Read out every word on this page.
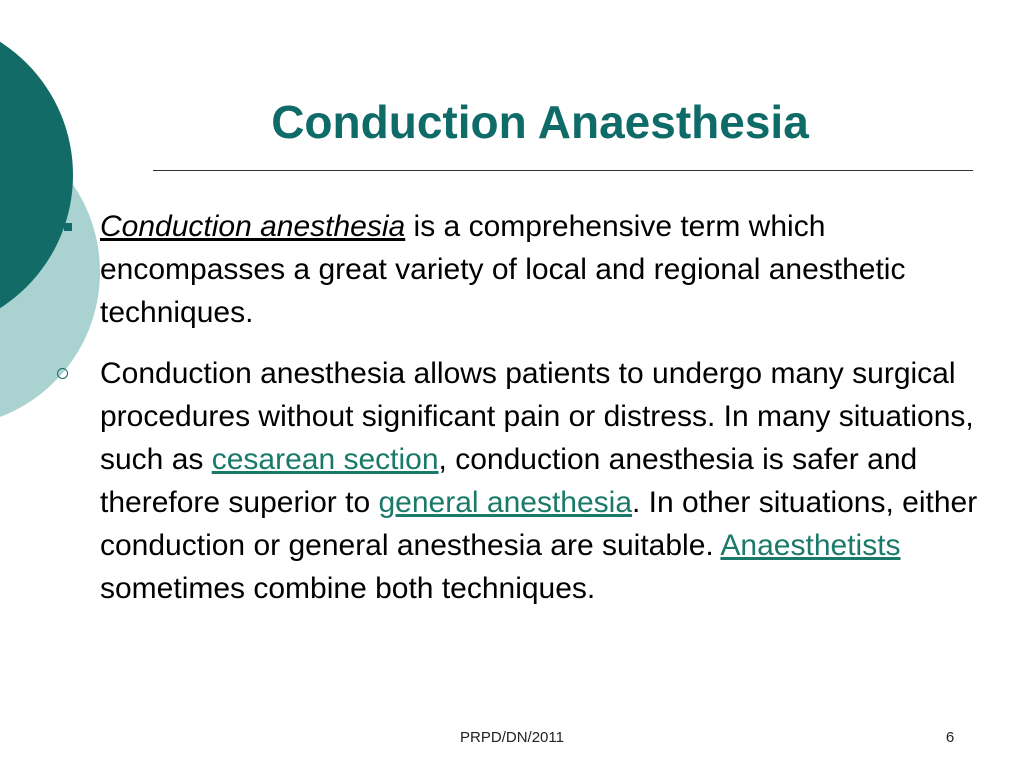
Conduction Anaesthesia

Conduction anesthesia is a comprehensive term which encompasses a great variety of local and regional anesthetic techniques.

Conduction anesthesia allows patients to undergo many surgical procedures without significant pain or distress. In many situations, such as cesarean section, conduction anesthesia is safer and therefore superior to general anesthesia. In other situations, either conduction or general anesthesia are suitable. Anaesthetists sometimes combine both techniques.

PRPD/DN/2011	6
